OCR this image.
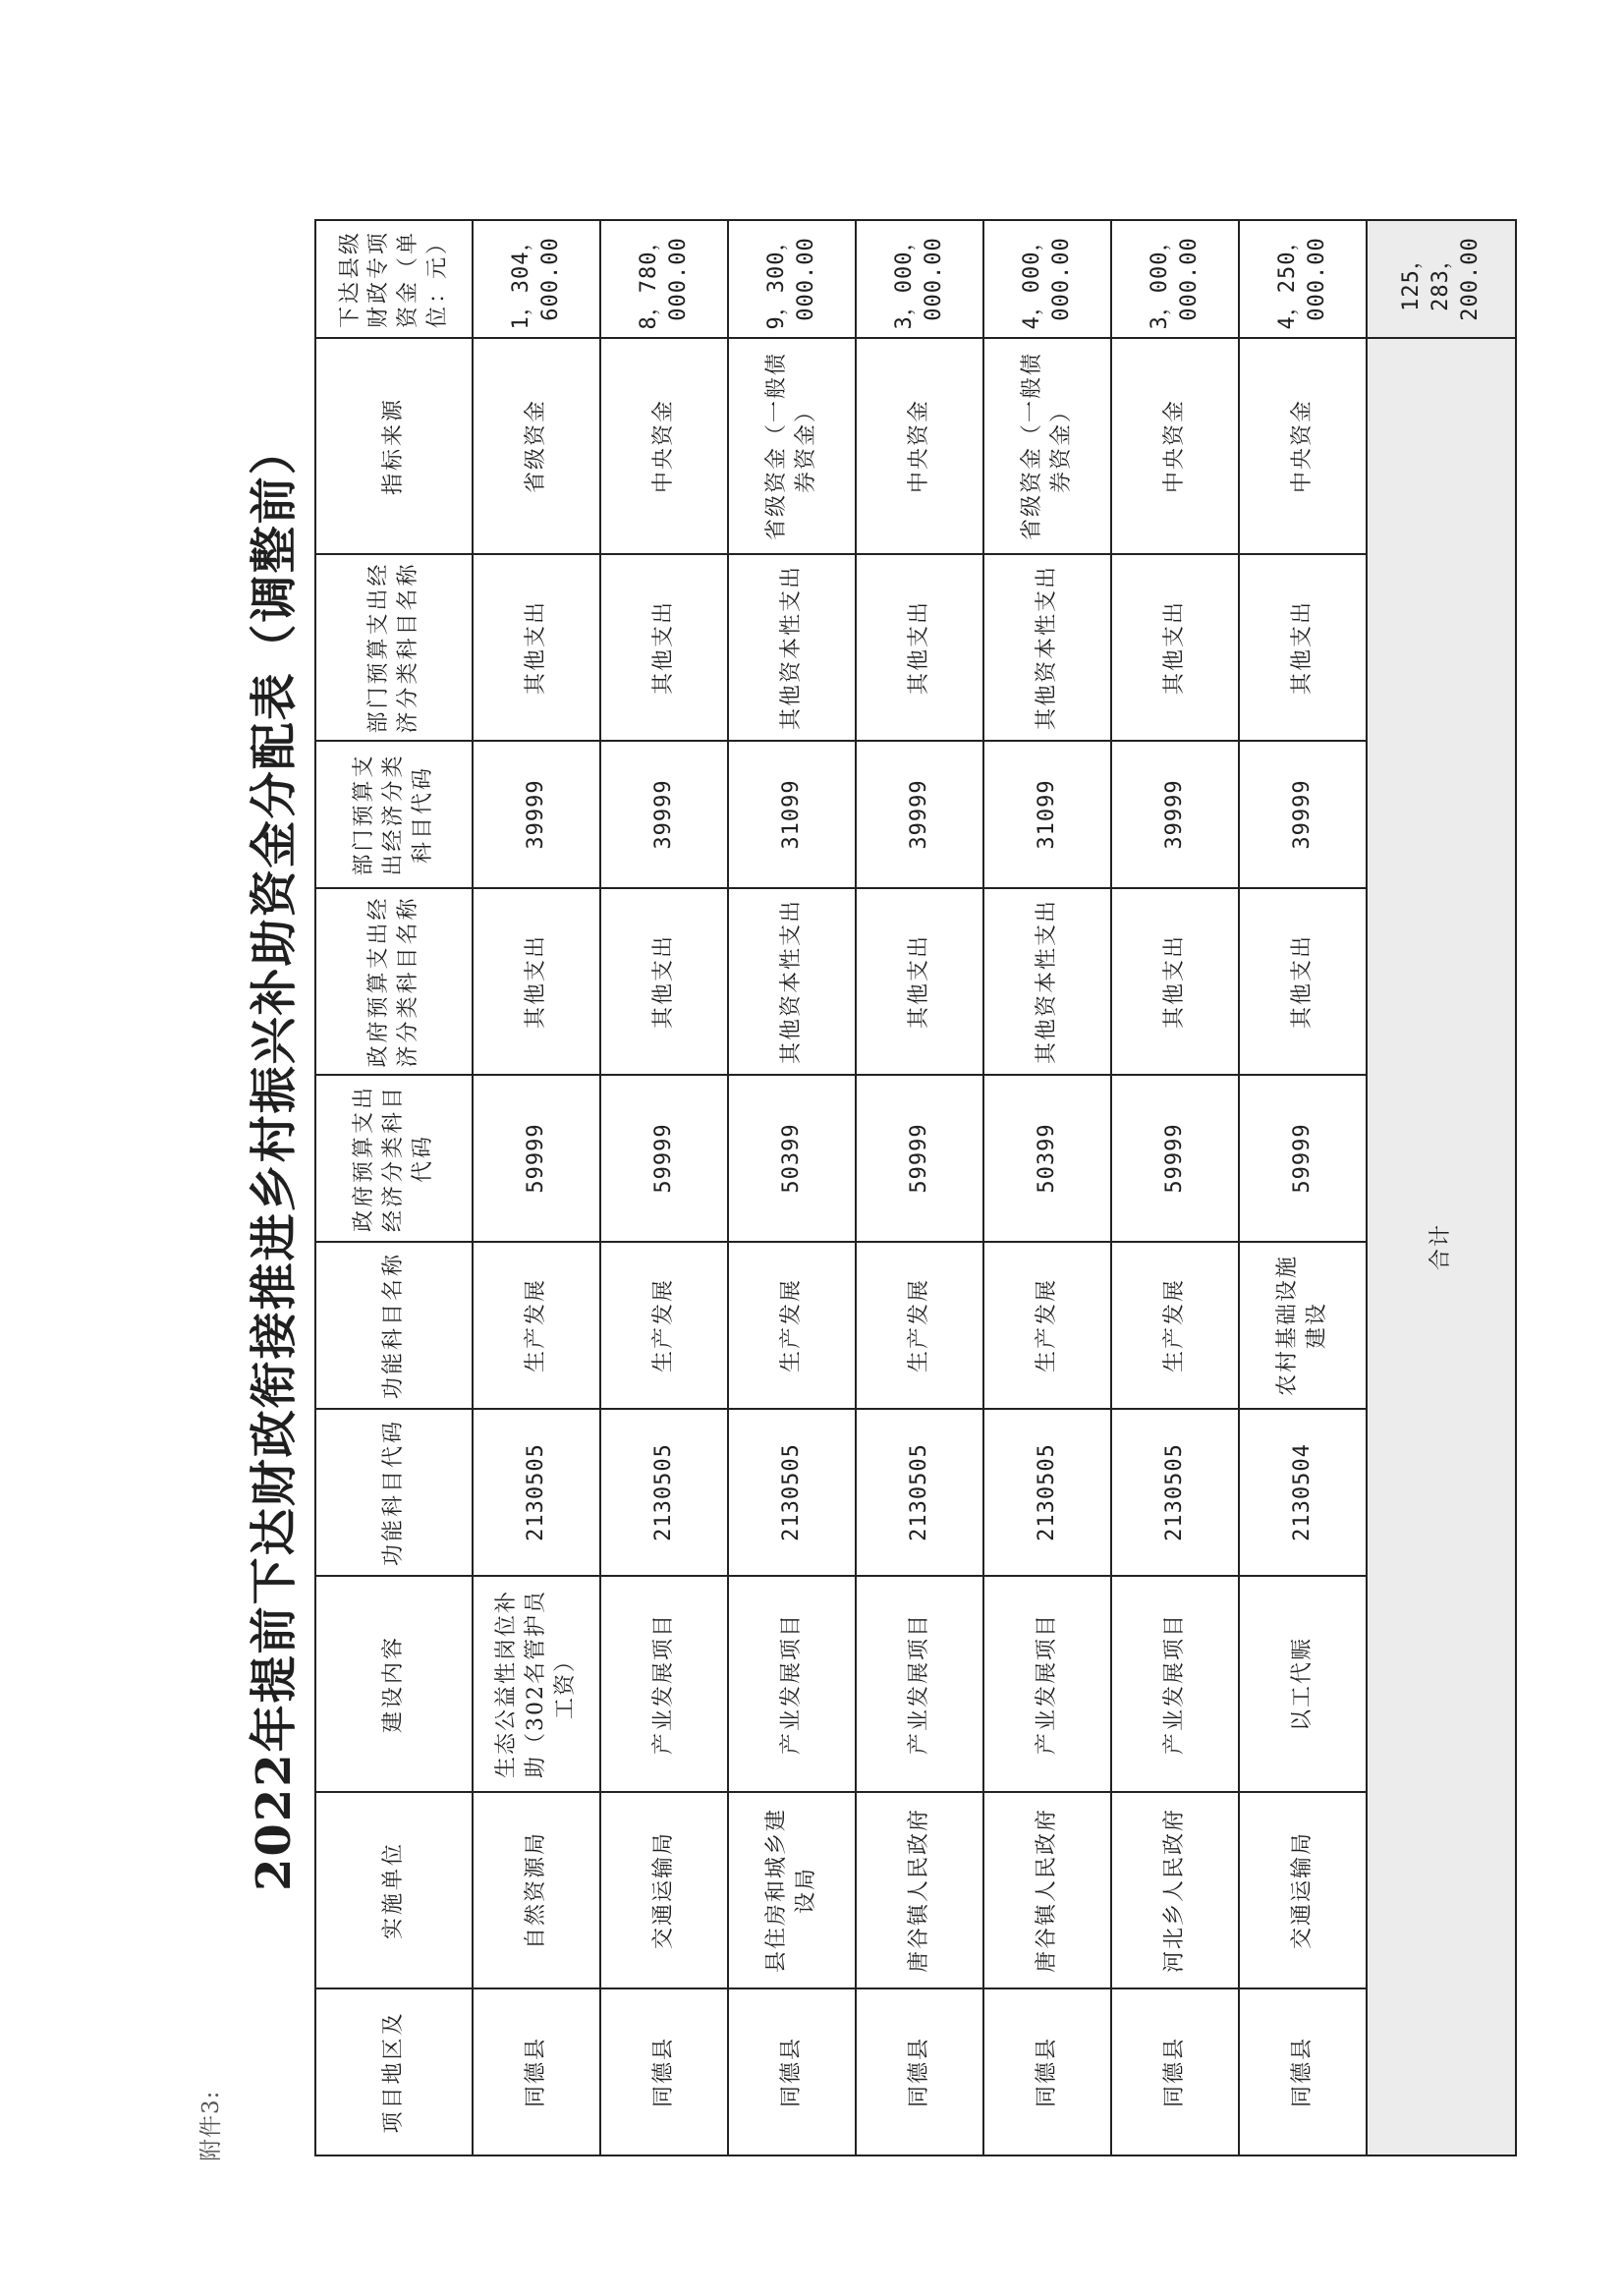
附件3:
2022年提前下达财政衔接推进乡村振兴补助资金分配表（调整前）
项目地区及	实施单位	建设内容	功能科目代码	功能科目名称	政府预算支出经济分类科目代码	政府预算支出经济分类科目名称	部门预算支出经济分类科目代码	部门预算支出经济分类科目名称	指标来源	下达县级财政专项资金（单位：元）
同德县	自然资源局	生态公益性岗位补助（302名管护员工资）	2130505	生产发展	59999	其他支出	39999	其他支出	省级资金	1，304，600.00
同德县	交通运输局	产业发展项目	2130505	生产发展	59999	其他支出	39999	其他支出	中央资金	8，780，000.00
同德县	县住房和城乡建设局	产业发展项目	2130505	生产发展	50399	其他资本性支出	31099	其他资本性支出	省级资金（一般债券资金）	9，300，000.00
同德县	唐谷镇人民政府	产业发展项目	2130505	生产发展	59999	其他支出	39999	其他支出	中央资金	3，000，000.00
同德县	唐谷镇人民政府	产业发展项目	2130505	生产发展	50399	其他资本性支出	31099	其他资本性支出	省级资金（一般债券资金）	4，000，000.00
同德县	河北乡人民政府	产业发展项目	2130505	生产发展	59999	其他支出	39999	其他支出	中央资金	3，000，000.00
同德县	交通运输局	以工代赈	2130504	农村基础设施建设	59999	其他支出	39999	其他支出	中央资金	4，250，000.00
合计										125，283，200.00
